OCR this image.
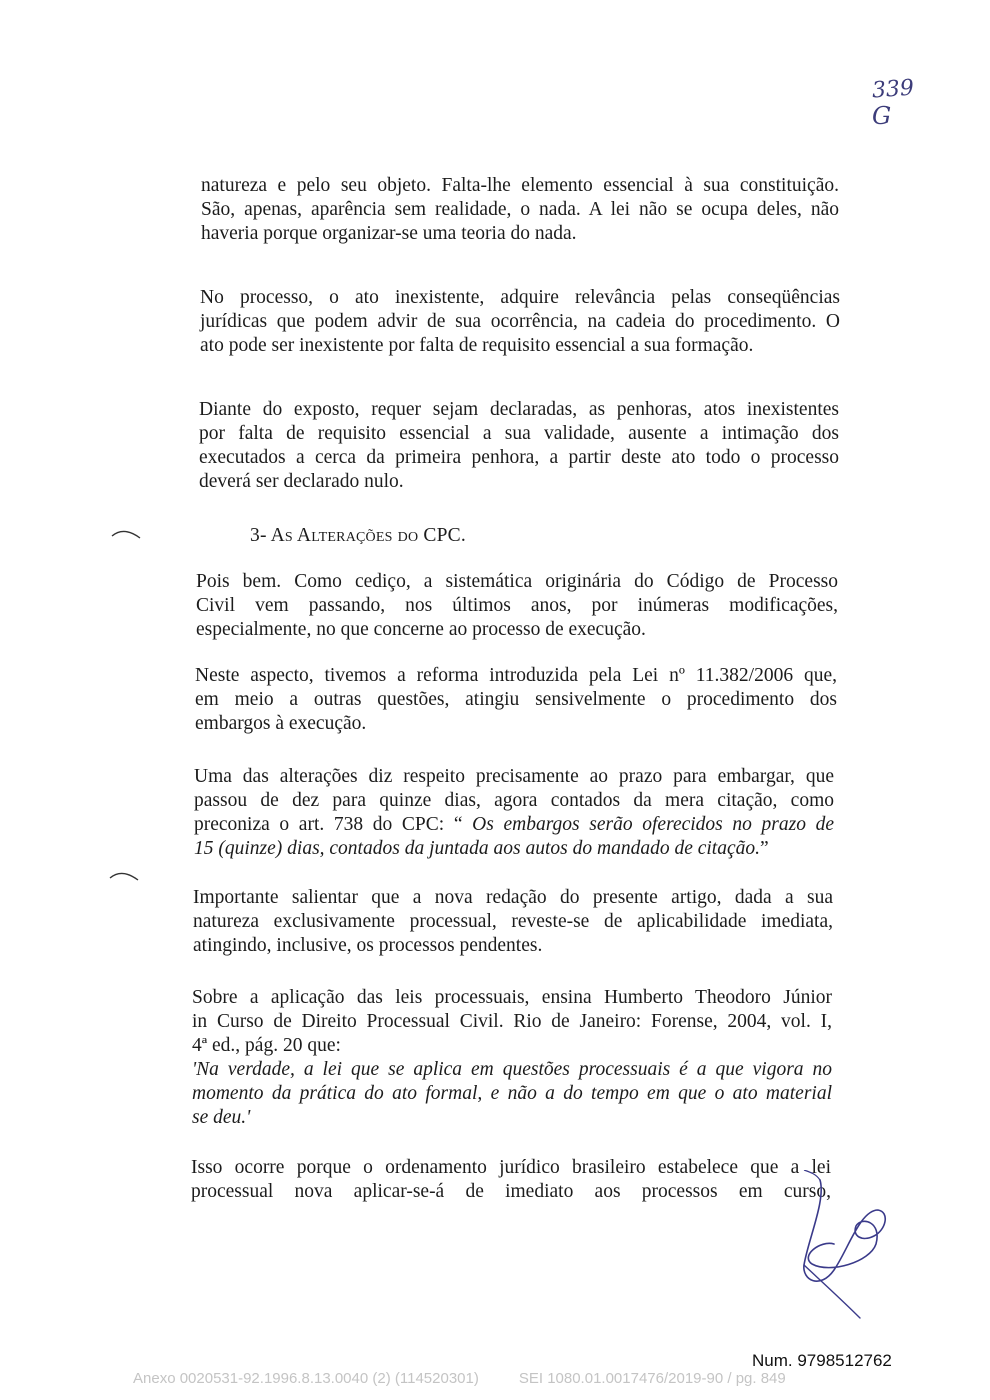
339
G
natureza e pelo seu objeto. Falta-lhe elemento essencial à sua constituição.
São, apenas, aparência sem realidade, o nada. A lei não se ocupa deles, não
haveria porque organizar-se uma teoria do nada.
No processo, o ato inexistente, adquire relevância pelas conseqüências
jurídicas que podem advir de sua ocorrência, na cadeia do procedimento. O
ato pode ser inexistente por falta de requisito essencial a sua formação.
Diante do exposto, requer sejam declaradas, as penhoras, atos inexistentes
por falta de requisito essencial a sua validade, ausente a intimação dos
executados a cerca da primeira penhora, a partir deste ato todo o processo
deverá ser declarado nulo.
3- As Alterações do CPC.
Pois bem. Como cediço, a sistemática originária do Código de Processo
Civil vem passando, nos últimos anos, por inúmeras modificações,
especialmente, no que concerne ao processo de execução.
Neste aspecto, tivemos a reforma introduzida pela Lei nº 11.382/2006 que,
em meio a outras questões, atingiu sensivelmente o procedimento dos
embargos à execução.
Uma das alterações diz respeito precisamente ao prazo para embargar, que
passou de dez para quinze dias, agora contados da mera citação, como
preconiza o art. 738 do CPC: “ Os embargos serão oferecidos no prazo de
15 (quinze) dias, contados da juntada aos autos do mandado de citação.”
Importante salientar que a nova redação do presente artigo, dada a sua
natureza exclusivamente processual, reveste-se de aplicabilidade imediata,
atingindo, inclusive, os processos pendentes.
Sobre a aplicação das leis processuais, ensina Humberto Theodoro Júnior
in Curso de Direito Processual Civil. Rio de Janeiro: Forense, 2004, vol. I,
4ª ed., pág. 20 que:
'Na verdade, a lei que se aplica em questões processuais é a que vigora no
momento da prática do ato formal, e não a do tempo em que o ato material
se deu.'
Isso ocorre porque o ordenamento jurídico brasileiro estabelece que a lei
processual nova aplicar-se-á de imediato aos processos em curso,
Num. 9798512762
Anexo 0020531-92.1996.8.13.0040 (2) (114520301)	SEI 1080.01.0017476/2019-90 / pg. 849
